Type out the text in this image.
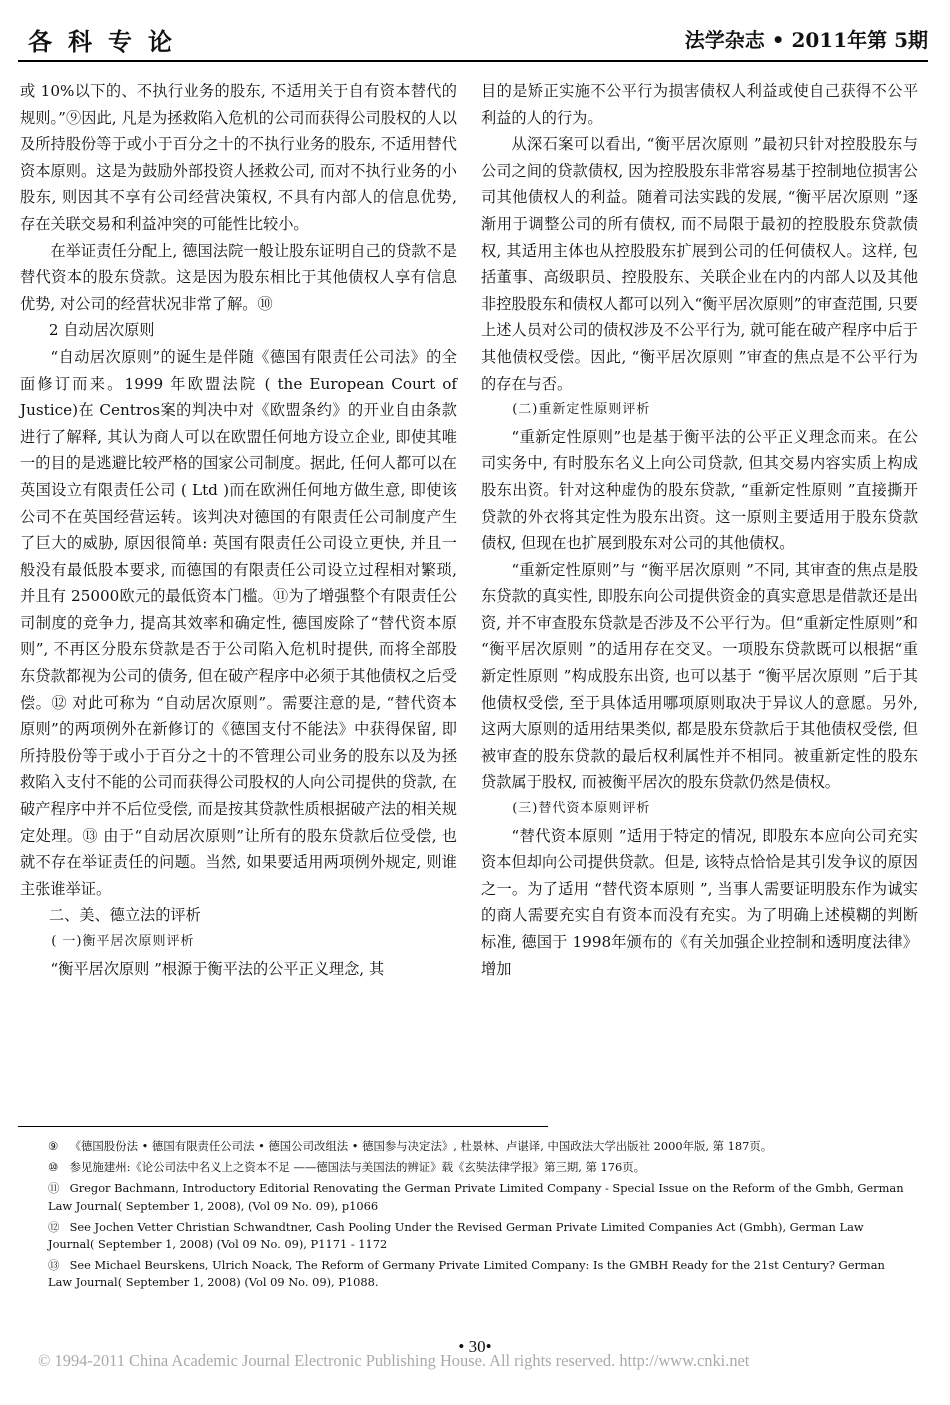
各科专论	法学杂志 • 2011年第 5期

或 10%以下的、不执行业务的股东, 不适用关于自有资本替代的规则。”⑨因此, 凡是为拯救陷入危机的公司而获得公司股权的人以及所持股份等于或小于百分之十的不执行业务的股东, 不适用替代资本原则。这是为鼓励外部投资人拯救公司, 而对不执行业务的小股东, 则因其不享有公司经营决策权, 不具有内部人的信息优势, 存在关联交易和利益冲突的可能性比较小。

在举证责任分配上, 德国法院一般让股东证明自己的贷款不是替代资本的股东贷款。这是因为股东相比于其他债权人享有信息优势, 对公司的经营状况非常了解。⑩

2 自动居次原则

“自动居次原则”的诞生是伴随《德国有限责任公司法》的全面修订而来。1999 年欧盟法院 ( the European Court of Justice)在 Centros案的判决中对《欧盟条约》的开业自由条款进行了解释, 其认为商人可以在欧盟任何地方设立企业, 即使其唯一的目的是逃避比较严格的国家公司制度。据此, 任何人都可以在英国设立有限责任公司 ( Ltd )而在欧洲任何地方做生意, 即使该公司不在英国经营运转。该判决对德国的有限责任公司制度产生了巨大的威胁, 原因很简单: 英国有限责任公司设立更快, 并且一般没有最低股本要求, 而德国的有限责任公司设立过程相对繁琐, 并且有 25000欧元的最低资本门槛。⑪为了增强整个有限责任公司制度的竞争力, 提高其效率和确定性, 德国废除了“替代资本原则”, 不再区分股东贷款是否于公司陷入危机时提供, 而将全部股东贷款都视为公司的债务, 但在破产程序中必须于其他债权之后受偿。⑫ 对此可称为 “自动居次原则”。需要注意的是, “替代资本原则”的两项例外在新修订的《德国支付不能法》中获得保留, 即所持股份等于或小于百分之十的不管理公司业务的股东以及为拯救陷入支付不能的公司而获得公司股权的人向公司提供的贷款, 在破产程序中并不后位受偿, 而是按其贷款性质根据破产法的相关规定处理。⑬ 由于“自动居次原则”让所有的股东贷款后位受偿, 也就不存在举证责任的问题。当然, 如果要适用两项例外规定, 则谁主张谁举证。

二、美、德立法的评析

( 一)衡平居次原则评析

“衡平居次原则 ”根源于衡平法的公平正义理念, 其

目的是矫正实施不公平行为损害债权人利益或使自己获得不公平利益的人的行为。

从深石案可以看出, “衡平居次原则 ”最初只针对控股股东与公司之间的贷款债权, 因为控股股东非常容易基于控制地位损害公司其他债权人的利益。随着司法实践的发展, “衡平居次原则 ”逐渐用于调整公司的所有债权, 而不局限于最初的控股股东贷款债权, 其适用主体也从控股股东扩展到公司的任何债权人。这样, 包括董事、高级职员、控股股东、关联企业在内的内部人以及其他非控股股东和债权人都可以列入“衡平居次原则”的审查范围, 只要上述人员对公司的债权涉及不公平行为, 就可能在破产程序中后于其他债权受偿。因此, “衡平居次原则 ”审查的焦点是不公平行为的存在与否。

(二)重新定性原则评析

“重新定性原则”也是基于衡平法的公平正义理念而来。在公司实务中, 有时股东名义上向公司贷款, 但其交易内容实质上构成股东出资。针对这种虚伪的股东贷款, “重新定性原则 ”直接撕开贷款的外衣将其定性为股东出资。这一原则主要适用于股东贷款债权, 但现在也扩展到股东对公司的其他债权。

“重新定性原则”与 “衡平居次原则 ”不同, 其审查的焦点是股东贷款的真实性, 即股东向公司提供资金的真实意思是借款还是出资, 并不审查股东贷款是否涉及不公平行为。但“重新定性原则”和 “衡平居次原则 ”的适用存在交叉。一项股东贷款既可以根据“重新定性原则 ”构成股东出资, 也可以基于 “衡平居次原则 ”后于其他债权受偿, 至于具体适用哪项原则取决于异议人的意愿。另外, 这两大原则的适用结果类似, 都是股东贷款后于其他债权受偿, 但被审查的股东贷款的最后权利属性并不相同。被重新定性的股东贷款属于股权, 而被衡平居次的股东贷款仍然是债权。

(三)替代资本原则评析

“替代资本原则 ”适用于特定的情况, 即股东本应向公司充实资本但却向公司提供贷款。但是, 该特点恰恰是其引发争议的原因之一。为了适用 “替代资本原则 ”, 当事人需要证明股东作为诚实的商人需要充实自有资本而没有充实。为了明确上述模糊的判断标准, 德国于 1998年颁布的《有关加强企业控制和透明度法律》增加

⑨ 《德国股份法 • 德国有限责任公司法 • 德国公司改组法 • 德国参与决定法》, 杜景林、卢谌译, 中国政法大学出版社 2000年版, 第 187页。

⑩ 参见施建州:《论公司法中名义上之资本不足 ——德国法与美国法的辨证》载《玄奘法律学报》第三期, 第 176页。

⑪ Gregor Bachmann, Introductory Editorial Renovating the German Private Limited Company - Special Issue on the Reform of the Gmbh, German Law Journal( September 1, 2008), (Vol 09 No. 09), p1066

⑫ See Jochen Vetter Christian Schwandtner, Cash Pooling Under the Revised German Private Limited Companies Act (Gmbh), German Law Journal( September 1, 2008) (Vol 09 No. 09), P1171 - 1172

⑬ See Michael Beurskens, Ulrich Noack, The Reform of Germany Private Limited Company: Is the GMBH Ready for the 21st Century? German Law Journal( September 1, 2008) (Vol 09 No. 09), P1088.

• 30•
© 1994-2011 China Academic Journal Electronic Publishing House. All rights reserved. http://www.cnki.net
